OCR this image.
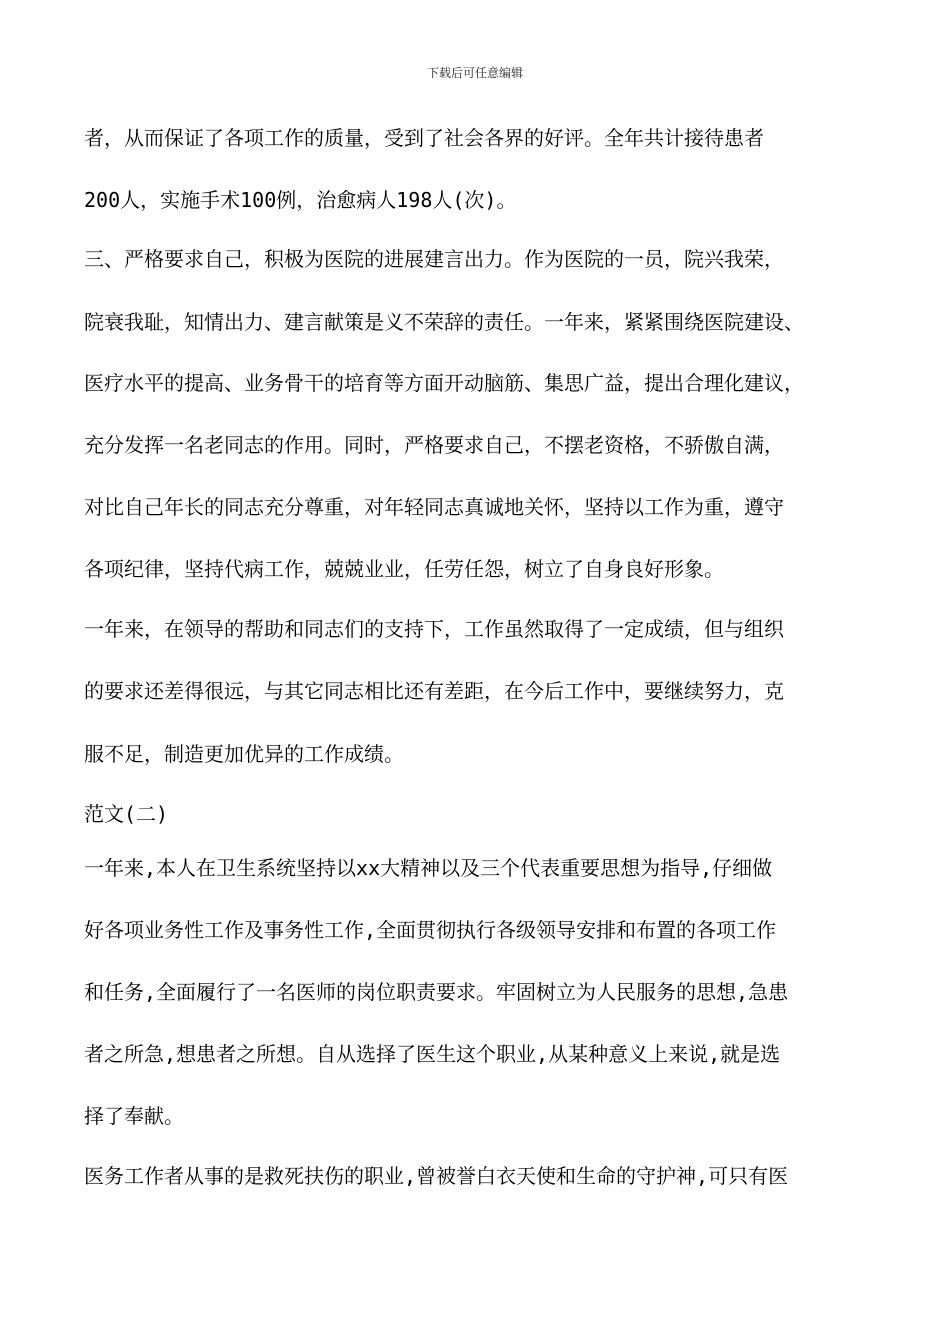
下载后可任意编辑
者，从而保证了各项工作的质量，受到了社会各界的好评。全年共计接待患者
200人，实施手术100例，治愈病人198人(次)。
三、严格要求自己，积极为医院的进展建言出力。作为医院的一员，院兴我荣，
院衰我耻，知情出力、建言献策是义不荣辞的责任。一年来，紧紧围绕医院建设、
医疗水平的提高、业务骨干的培育等方面开动脑筋、集思广益，提出合理化建议，
充分发挥一名老同志的作用。同时，严格要求自己，不摆老资格，不骄傲自满，
对比自己年长的同志充分尊重，对年轻同志真诚地关怀，坚持以工作为重，遵守
各项纪律，坚持代病工作，兢兢业业，任劳任怨，树立了自身良好形象。
一年来，在领导的帮助和同志们的支持下，工作虽然取得了一定成绩，但与组织
的要求还差得很远，与其它同志相比还有差距，在今后工作中，要继续努力，克
服不足，制造更加优异的工作成绩。
范文(二)
一年来,本人在卫生系统坚持以xx大精神以及三个代表重要思想为指导,仔细做
好各项业务性工作及事务性工作,全面贯彻执行各级领导安排和布置的各项工作
和任务,全面履行了一名医师的岗位职责要求。牢固树立为人民服务的思想,急患
者之所急,想患者之所想。自从选择了医生这个职业,从某种意义上来说,就是选
择了奉献。
医务工作者从事的是救死扶伤的职业,曾被誉白衣天使和生命的守护神,可只有医
